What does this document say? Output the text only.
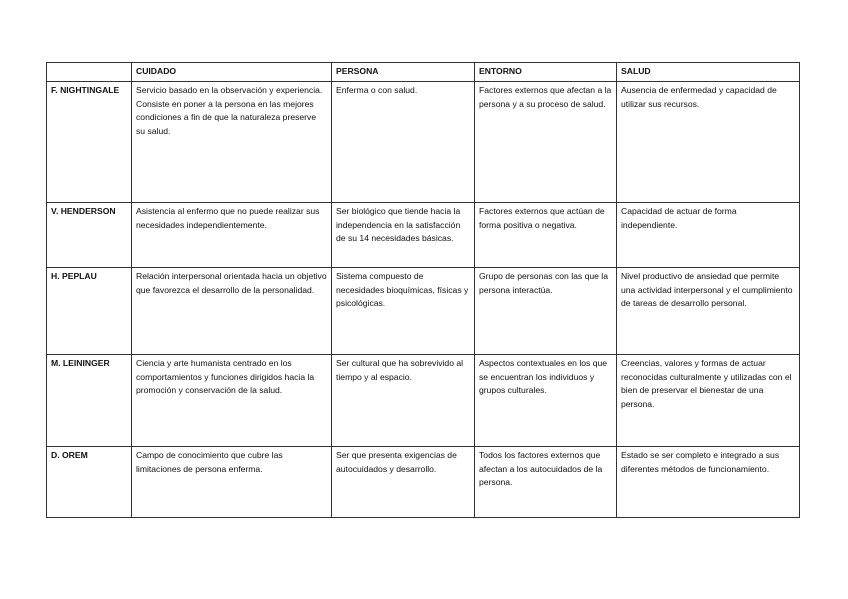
	CUIDADO	PERSONA	ENTORNO	SALUD
F. NIGHTINGALE	Servicio basado en la observación y experiencia. Consiste en poner a la persona en las mejores condiciones a fin de que la naturaleza preserve su salud.	Enferma o con salud.	Factores externos que afectan a la persona y a su proceso de salud.	Ausencia de enfermedad y capacidad de utilizar sus recursos.
V. HENDERSON	Asistencia al enfermo que no puede realizar sus necesidades independientemente.	Ser biológico que tiende hacia la independencia en la satisfacción de su 14 necesidades básicas.	Factores externos que actúan de forma positiva o negativa.	Capacidad de actuar de forma independiente.
H. PEPLAU	Relación interpersonal orientada hacia un objetivo que favorezca el desarrollo de la personalidad.	Sistema compuesto de necesidades bioquímicas, físicas y psicológicas.	Grupo de personas con las que la persona interactúa.	Nivel productivo de ansiedad que permite una actividad interpersonal y el cumplimiento de tareas de desarrollo personal.
M. LEININGER	Ciencia y arte humanista centrado en los comportamientos y funciones dirigidos hacia la promoción y conservación de la salud.	Ser cultural que ha sobrevivido al tiempo y al espacio.	Aspectos contextuales en los que se encuentran los individuos y grupos culturales.	Creencias, valores y formas de actuar reconocidas culturalmente y utilizadas con el bien de preservar el bienestar de una persona.
D. OREM	Campo de conocimiento que cubre las limitaciones de persona enferma.	Ser que presenta exigencias de autocuidados y desarrollo.	Todos los factores externos que afectan a los autocuidados de la persona.	Estado se ser completo e integrado a sus diferentes métodos de funcionamiento.
